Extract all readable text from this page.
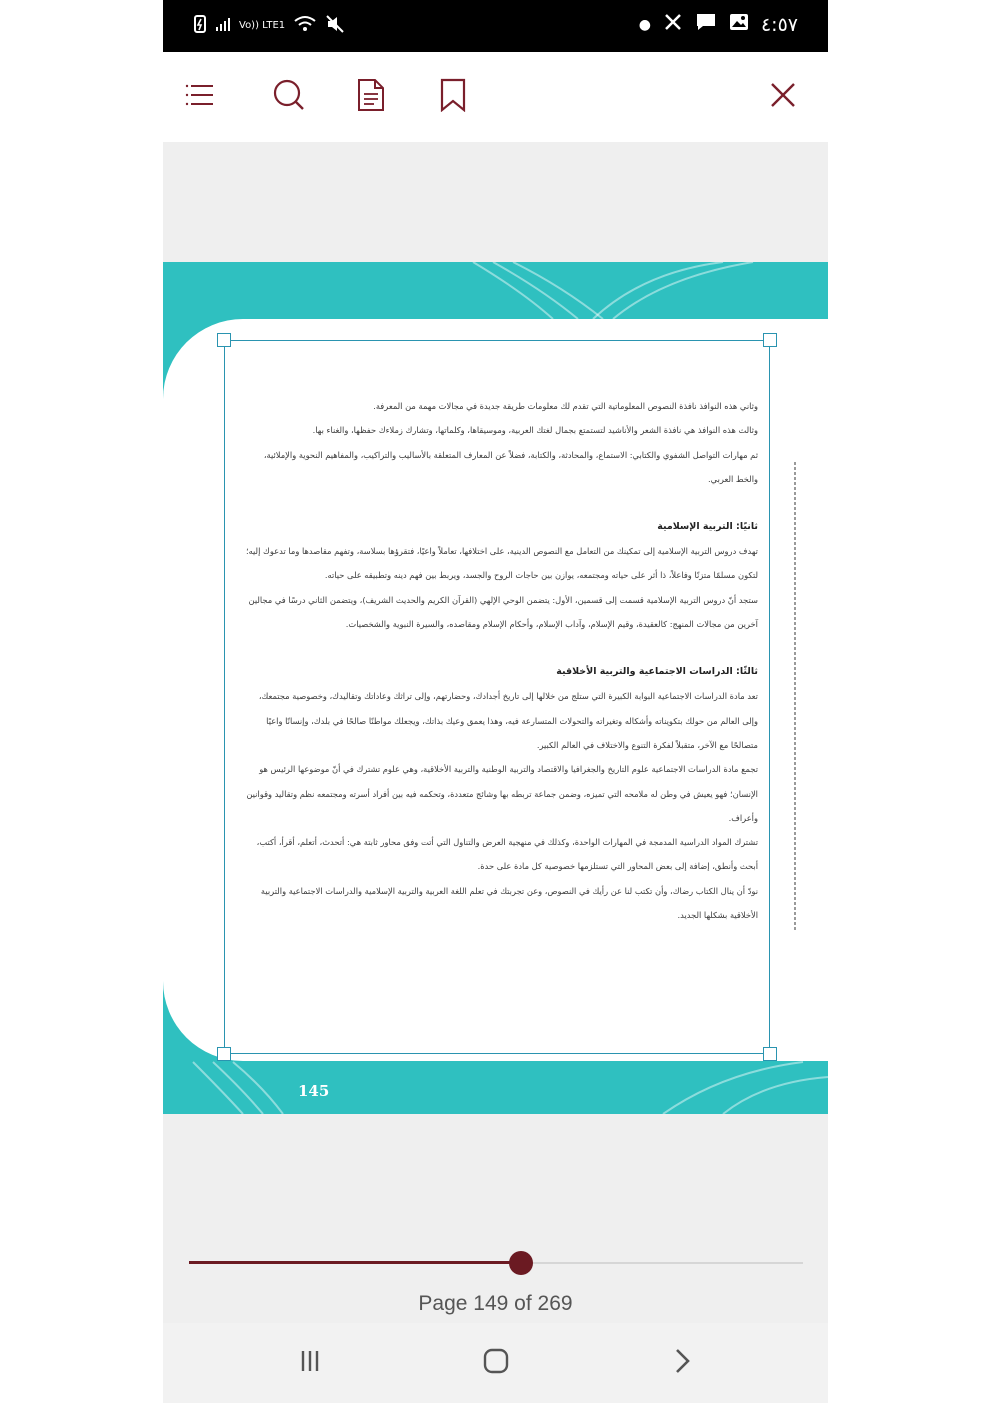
Vo)) LTE1	●	٤:٥٧

وثاني هذه النوافذ نافذة النصوص المعلوماتية التي تقدم لك معلومات طريقة جديدة في مجالات مهمة من المعرفة.

وثالث هذه النوافذ هي نافذة الشعر والأناشيد لتستمتع بجمال لغتك العربية، وموسيقاها، وكلماتها، وتشارك زملاءك حفظها، والغناء بها.

ثم مهارات التواصل الشفوي والكتابي: الاستماع، والمحادثة، والكتابة، فضلاً عن المعارف المتعلقة بالأساليب والتراكيب، والمفاهيم النحوية والإملائية، والخط العربي.

ثانيًا: التربية الإسلامية

تهدف دروس التربية الإسلامية إلى تمكينك من التعامل مع النصوص الدينية، على اختلافها، تعاملاً واعيًا، فتقرؤها بسلاسة، وتفهم مقاصدها وما تدعوك إليه؛ لتكون مسلمًا متزنًا وفاعلاً، ذا أثر على حياته ومجتمعه، يوازن بين حاجات الروح والجسد، ويربط بين فهم دينه وتطبيقه على حياته.

ستجد أنّ دروس التربية الإسلامية قسمت إلى قسمين، الأول: يتضمن الوحي الإلهي (القرآن الكريم والحديث الشريف)، ويتضمن الثاني درسًا في مجالين آخرين من مجالات المنهج: كالعقيدة، وقيم الإسلام، وآداب الإسلام، وأحكام الإسلام ومقاصده، والسيرة النبوية والشخصيات.

ثالثًا: الدراسات الاجتماعية والتربية الأخلاقية

تعد مادة الدراسات الاجتماعية البوابة الكبيرة التي ستلج من خلالها إلى تاريخ أجدادك، وحضارتهم، وإلى تراثك وعاداتك وتقاليدك، وخصوصية مجتمعك، وإلى العالم من حولك بتكويناته وأشكاله وتغيراته والتحولات المتسارعة فيه، وهذا يعمق وعيك بذاتك، ويجعلك مواطنًا صالحًا في بلدك، وإنسانًا واعيًا متصالحًا مع الآخر، متقبلاً لفكرة التنوع والاختلاف في العالم الكبير.

تجمع مادة الدراسات الاجتماعية علوم التاريخ والجغرافيا والاقتصاد والتربية الوطنية والتربية الأخلاقية، وهي علوم تشترك في أنّ موضوعها الرئيس هو الإنسان؛ فهو يعيش في وطن له ملامحه التي تميزه، وضمن جماعة تربطه بها وشائج متعددة، وتحكمه فيه بين أفراد أسرته ومجتمعه نظم وتقاليد وقوانين وأعراف.

تشترك المواد الدراسية المدمجة في المهارات الواحدة، وكذلك في منهجية العرض والتناول التي أتت وفق محاور ثابتة هي: أتحدث، أتعلم، أقرأ، أكتب، أبحث وأنطق، إضافة إلى بعض المحاور التي تستلزمها خصوصية كل مادة على حدة.

نودّ أن ينال الكتاب رضاك، وأن تكتب لنا عن رأيك في النصوص، وعن تجربتك في تعلم اللغة العربية والتربية الإسلامية والدراسات الاجتماعية والتربية الأخلاقية بشكلها الجديد.

145
Page 149 of 269
